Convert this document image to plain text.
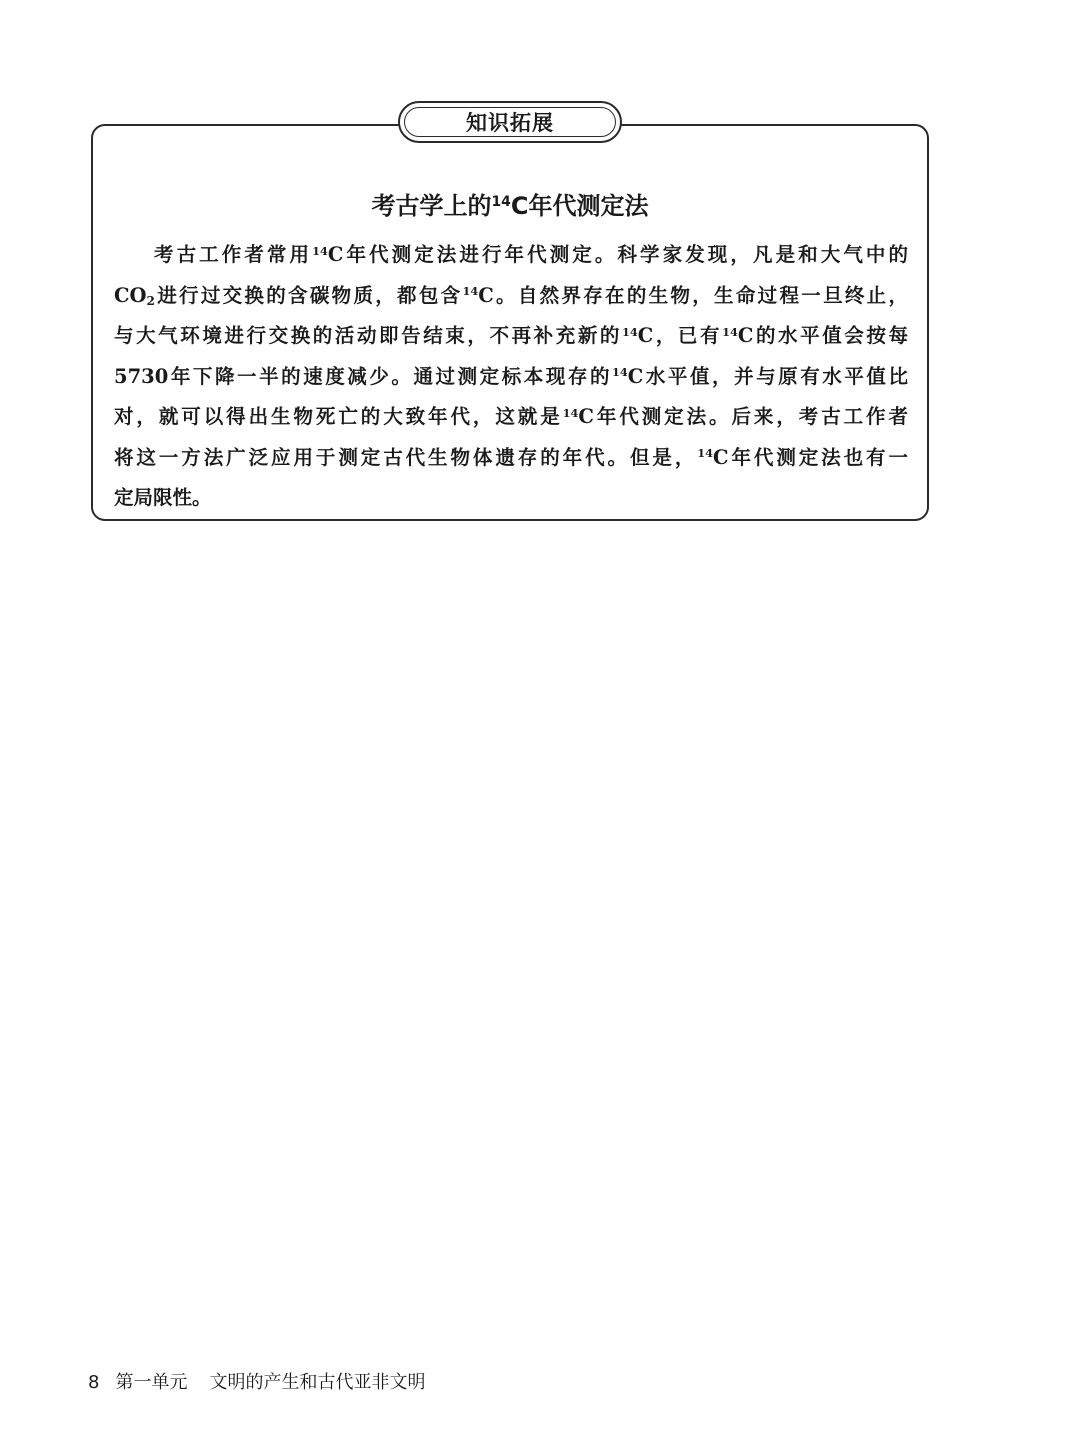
知识拓展
考古学上的$^{14}$C年代测定法
考古工作者常用$^{14}$C年代测定法进行年代测定。科学家发现，凡是和大气中的
$CO_2$进行过交换的含碳物质，都包含$^{14}$C。自然界存在的生物，生命过程一旦终止，
与大气环境进行交换的活动即告结束，不再补充新的$^{14}$C，已有$^{14}$C的水平值会按每
5730年下降一半的速度减少。通过测定标本现存的$^{14}$C水平值，并与原有水平值比
对，就可以得出生物死亡的大致年代，这就是$^{14}$C年代测定法。后来，考古工作者
将这一方法广泛应用于测定古代生物体遗存的年代。但是，$^{14}$C年代测定法也有一
定局限性。
8 第一单元 文明的产生和古代亚非文明
